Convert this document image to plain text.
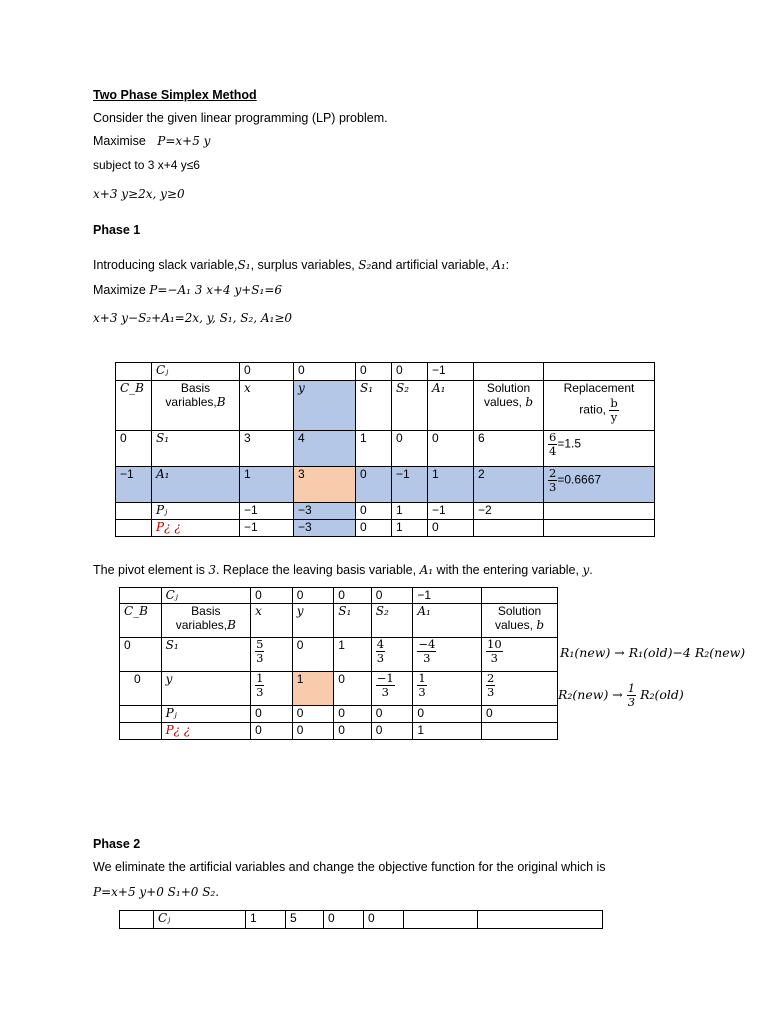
Two Phase Simplex Method
Consider the given linear programming (LP) problem.
Maximise P=x+5 y
subject to 3 x+4 y≤6
x+3 y≥2x, y≥0
Phase 1
Introducing slack variable,S₁, surplus variables, S₂and artificial variable, A₁:
Maximize P=−A₁ 3 x+4 y+S₁=6
x+3 y−S₂+A₁=2x, y, S₁, S₂, A₁≥0
	Cⱼ	0	0	0	0	−1		
C_B	Basis variables,B	x	y	S₁	S₂	A₁	Solution values, b	Replacement
ratio, $\frac{b}{y}$

0	S₁	3	4	1	0	0	6	$\frac{6}{4} =1.5$
−1	A₁	1	3	0	−1	1	2	$\frac{2}{3} =0.6667$
	Pⱼ	−1	−3	0	1	−1	−2	
	P¿ ¿	−1	−3	0	1	0		
The pivot element is 3. Replace the leaving basis variable, A₁ with the entering variable, y.
	Cⱼ	0	0	0	0	−1	
C_B	Basis variables,B	x	y	S₁	S₂	A₁	Solution values, b
0	S₁	$\frac{5}{3}$	0	1	$\frac{4}{3}$	$\frac{-4}{3}$	$\frac{10}{3}$

0	y	$\frac{1}{3}$	1	0	$\frac{-1}{3}$	$\frac{1}{3}$	$\frac{2}{3}$

	Pⱼ	0	0	0	0	0	0
	P¿ ¿	0	0	0	0	1	
R₁(new) → R₁(old)−4 R₂(new)
$R_2(new) \to \frac{1}{3} R_2(old)$
Phase 2
We eliminate the artificial variables and change the objective function for the original which is
P=x+5 y+0 S₁+0 S₂.
	Cⱼ	1	5	0	0		
